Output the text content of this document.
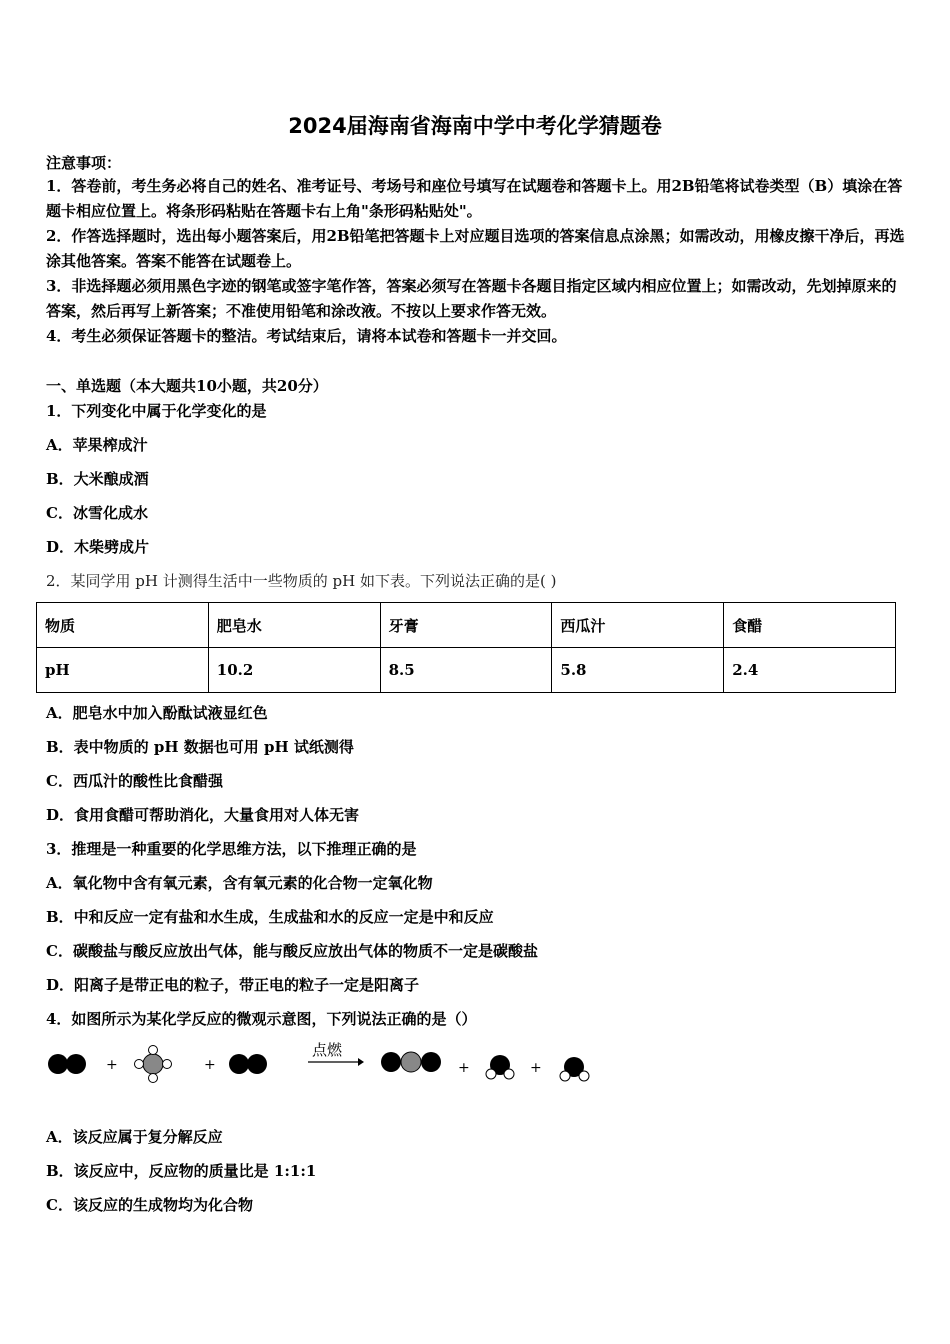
2024届海南省海南中学中考化学猜题卷
注意事项：
1．答卷前，考生务必将自己的姓名、准考证号、考场号和座位号填写在试题卷和答题卡上。用2B铅笔将试卷类型（B）填涂在答题卡相应位置上。将条形码粘贴在答题卡右上角"条形码粘贴处"。
2．作答选择题时，选出每小题答案后，用2B铅笔把答题卡上对应题目选项的答案信息点涂黑；如需改动，用橡皮擦干净后，再选涂其他答案。答案不能答在试题卷上。
3．非选择题必须用黑色字迹的钢笔或签字笔作答，答案必须写在答题卡各题目指定区域内相应位置上；如需改动，先划掉原来的答案，然后再写上新答案；不准使用铅笔和涂改液。不按以上要求作答无效。
4．考生必须保证答题卡的整洁。考试结束后，请将本试卷和答题卡一并交回。
一、单选题（本大题共10小题，共20分）
1．下列变化中属于化学变化的是
A．苹果榨成汁
B．大米酿成酒
C．冰雪化成水
D．木柴劈成片
2．某同学用 pH 计测得生活中一些物质的 pH 如下表。下列说法正确的是( )
物质	肥皂水	牙膏	西瓜汁	食醋
pH	10.2	8.5	5.8	2.4
A．肥皂水中加入酚酞试液显红色
B．表中物质的 pH 数据也可用 pH 试纸测得
C．西瓜汁的酸性比食醋强
D．食用食醋可帮助消化，大量食用对人体无害
3．推理是一种重要的化学思维方法，以下推理正确的是
A．氧化物中含有氧元素，含有氧元素的化合物一定氧化物
B．中和反应一定有盐和水生成，生成盐和水的反应一定是中和反应
C．碳酸盐与酸反应放出气体，能与酸反应放出气体的物质不一定是碳酸盐
D．阳离子是带正电的粒子，带正电的粒子一定是阳离子
4．如图所示为某化学反应的微观示意图，下列说法正确的是（）
+	+
点燃
+	+
A．该反应属于复分解反应
B．该反应中，反应物的质量比是 1:1:1
C．该反应的生成物均为化合物
